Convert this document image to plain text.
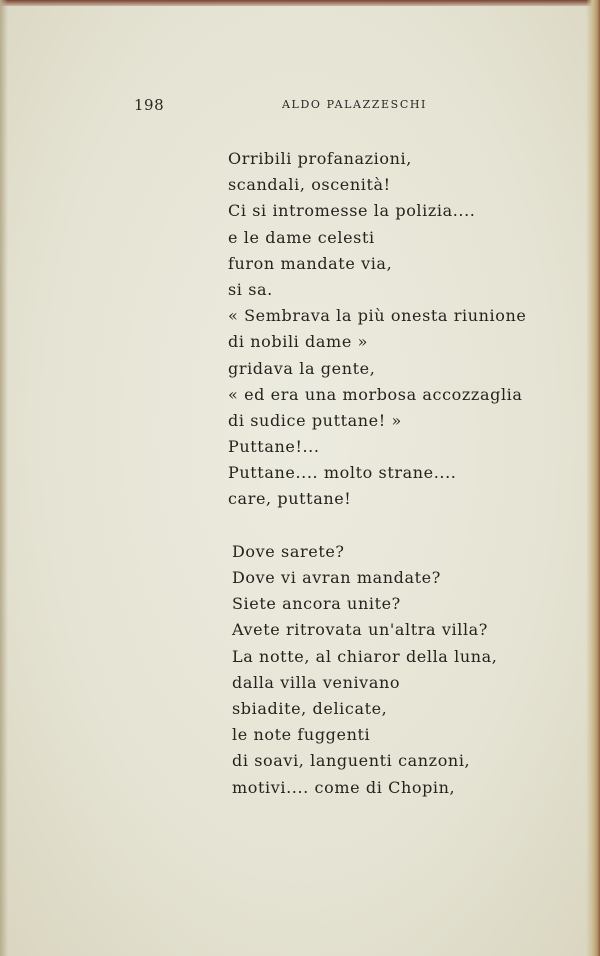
198	ALDO PALAZZESCHI
Orribili profanazioni,
scandali, oscenità!
Ci si intromesse la polizia....
e le dame celesti
furon mandate via,
si sa.
« Sembrava la più onesta riunione
di nobili dame »
gridava la gente,
« ed era una morbosa accozzaglia
di sudice puttane! »
Puttane!...
Puttane.... molto strane....
care, puttane!
Dove sarete?
Dove vi avran mandate?
Siete ancora unite?
Avete ritrovata un'altra villa?
La notte, al chiaror della luna,
dalla villa venivano
sbiadite, delicate,
le note fuggenti
di soavi, languenti canzoni,
motivi.... come di Chopin,
